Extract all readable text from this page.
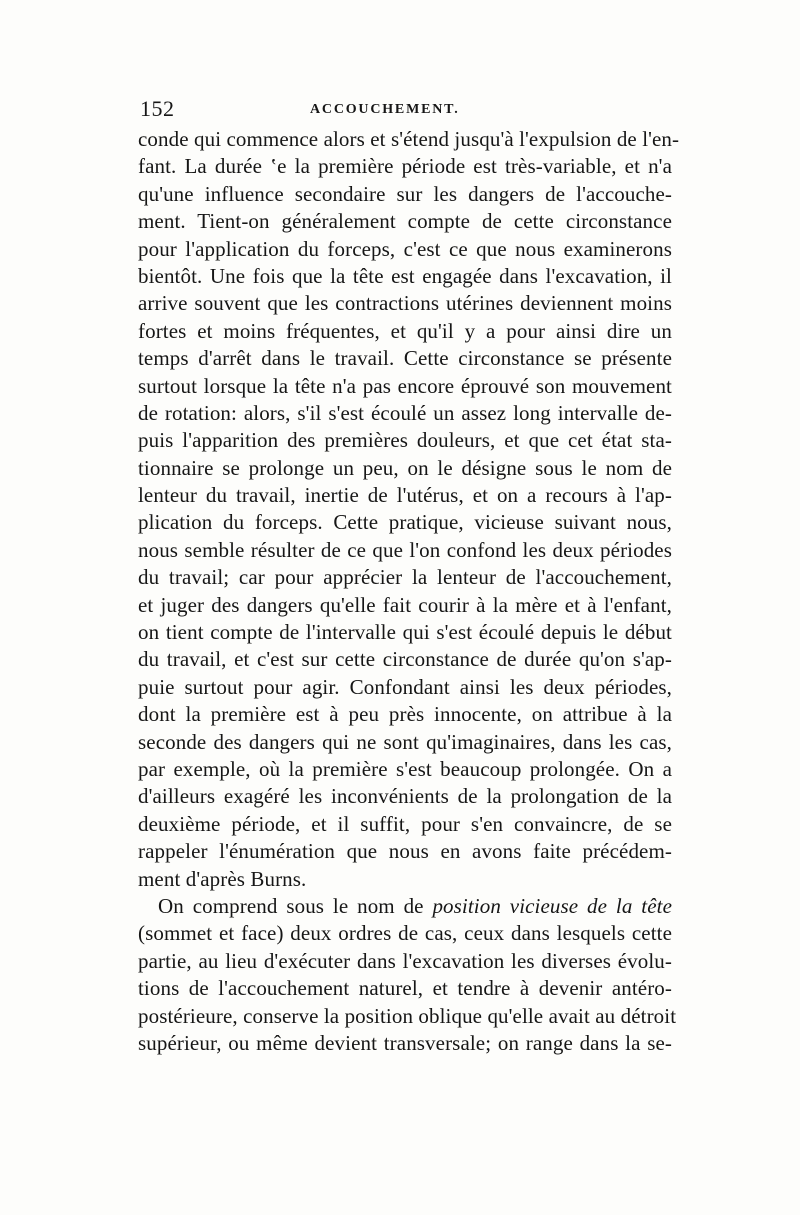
152	ACCOUCHEMENT.
conde qui commence alors et s'étend jusqu'à l'expulsion de l'en-
fant. La durée ‛e la première période est très-variable, et n'a
qu'une influence secondaire sur les dangers de l'accouche-
ment. Tient-on généralement compte de cette circonstance
pour l'application du forceps, c'est ce que nous examinerons
bientôt. Une fois que la tête est engagée dans l'excavation, il
arrive souvent que les contractions utérines deviennent moins
fortes et moins fréquentes, et qu'il y a pour ainsi dire un
temps d'arrêt dans le travail. Cette circonstance se présente
surtout lorsque la tête n'a pas encore éprouvé son mouvement
de rotation: alors, s'il s'est écoulé un assez long intervalle de-
puis l'apparition des premières douleurs, et que cet état sta-
tionnaire se prolonge un peu, on le désigne sous le nom de
lenteur du travail, inertie de l'utérus, et on a recours à l'ap-
plication du forceps. Cette pratique, vicieuse suivant nous,
nous semble résulter de ce que l'on confond les deux périodes
du travail; car pour apprécier la lenteur de l'accouchement,
et juger des dangers qu'elle fait courir à la mère et à l'enfant,
on tient compte de l'intervalle qui s'est écoulé depuis le début
du travail, et c'est sur cette circonstance de durée qu'on s'ap-
puie surtout pour agir. Confondant ainsi les deux périodes,
dont la première est à peu près innocente, on attribue à la
seconde des dangers qui ne sont qu'imaginaires, dans les cas,
par exemple, où la première s'est beaucoup prolongée. On a
d'ailleurs exagéré les inconvénients de la prolongation de la
deuxième période, et il suffit, pour s'en convaincre, de se
rappeler l'énumération que nous en avons faite précédem-
ment d'après Burns.
On comprend sous le nom de position vicieuse de la tête
(sommet et face) deux ordres de cas, ceux dans lesquels cette
partie, au lieu d'exécuter dans l'excavation les diverses évolu-
tions de l'accouchement naturel, et tendre à devenir antéro-
postérieure, conserve la position oblique qu'elle avait au détroit
supérieur, ou même devient transversale; on range dans la se-
